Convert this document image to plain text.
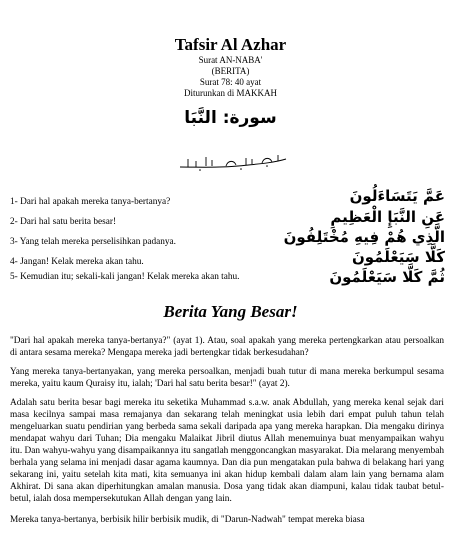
Tafsir Al Azhar
Surat AN-NABA'
(BERITA)
Surat 78: 40 ayat
Diturunkan di MAKKAH
سورة: النَّبَا
1- Dari hal apakah mereka tanya-bertanya?	عَمَّ يَتَسَاءَلُونَ
2- Dari hal satu berita besar!	عَنِ النَّبَإِ الْعَظِيمِ
3- Yang telah mereka perselisihkan padanya.	الَّذِي هُمْ فِيهِ مُخْتَلِفُونَ
4- Jangan! Kelak mereka akan tahu.	كَلَّا سَيَعْلَمُونَ
5- Kemudian itu; sekali-kali jangan! Kelak mereka akan tahu.	ثُمَّ كَلَّا سَيَعْلَمُونَ
Berita Yang Besar!
"Dari hal apakah mereka tanya-bertanya?" (ayat 1). Atau, soal apakah yang mereka pertengkarkan atau persoalkan di antara sesama mereka? Mengapa mereka jadi bertengkar tidak berkesudahan?
Yang mereka tanya-bertanyakan, yang mereka persoalkan, menjadi buah tutur di mana mereka berkumpul sesama mereka, yaitu kaum Quraisy itu, ialah; 'Dari hal satu berita besar!" (ayat 2).
Adalah satu berita besar bagi mereka itu seketika Muhammad s.a.w. anak Abdullah, yang mereka kenal sejak dari masa kecilnya sampai masa remajanya dan sekarang telah meningkat usia lebih dari empat puluh tahun telah mengeluarkan suatu pendirian yang berbeda sama sekali daripada apa yang mereka harapkan. Dia mengaku dirinya mendapat wahyu dari Tuhan; Dia mengaku Malaikat Jibril diutus Allah menemuinya buat menyampaikan wahyu itu. Dan wahyu-wahyu yang disampaikannya itu sangatlah menggoncangkan masyarakat. Dia melarang menyembah berhala yang selama ini menjadi dasar agama kaumnya. Dan dia pun mengatakan pula bahwa di belakang hari yang sekarang ini, yaitu setelah kita mati, kita semuanya ini akan hidup kembali dalam alam lain yang bernama alam Akhirat. Di sana akan diperhitungkan amalan manusia. Dosa yang tidak akan diampuni, kalau tidak taubat betul-betul, ialah dosa mempersekutukan Allah dengan yang lain.
Mereka tanya-bertanya, berbisik hilir berbisik mudik, di "Darun-Nadwah" tempat mereka biasa
